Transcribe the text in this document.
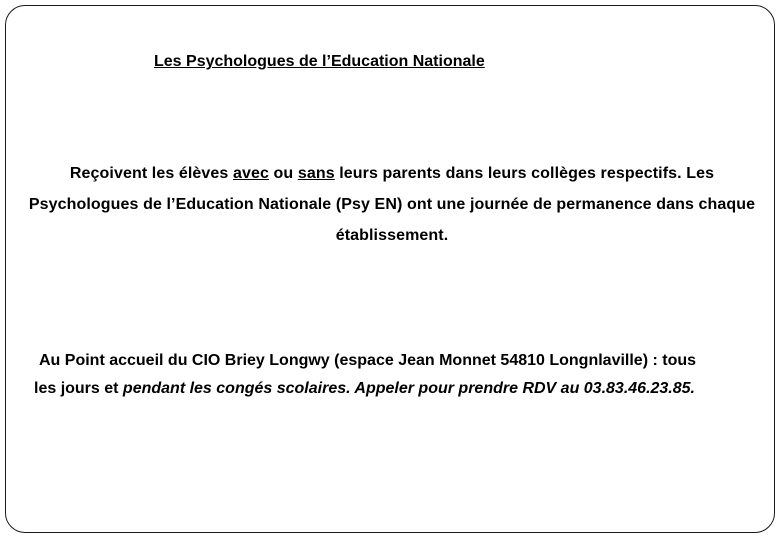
Les Psychologues de l’Education Nationale
Reçoivent les élèves avec ou sans leurs parents dans leurs collèges respectifs. Les Psychologues de l’Education Nationale (Psy EN) ont une journée de permanence dans chaque établissement.
Au Point accueil du CIO Briey Longwy (espace Jean Monnet 54810 Longnlaville) : tous
les jours et pendant les congés scolaires. Appeler pour prendre RDV au 03.83.46.23.85.
